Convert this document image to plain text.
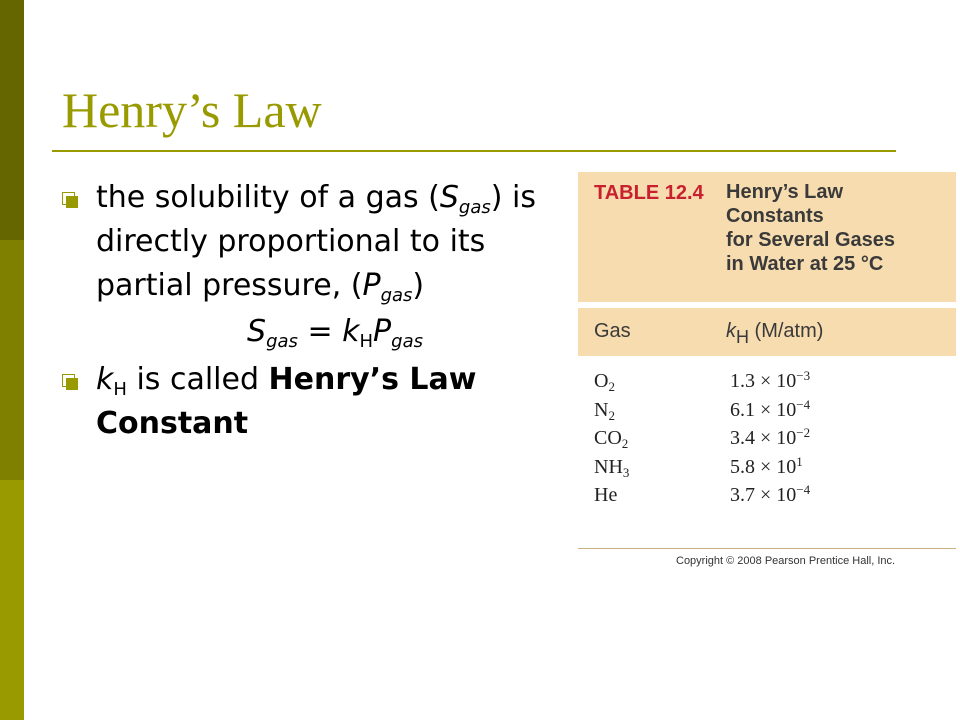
Henry’s Law
the solubility of a gas $(S_{gas})$ is directly proportional to its partial pressure, $(P_{gas})$
$S_{gas} = k_HP_{gas}$
$k_H$ is called Henry’s Law Constant
TABLE 12.4 Henry’s Law
Constants
for Several Gases
in Water at 25 °C
Gas	$k_H$ (M/atm)
$O_2$	$1.3 \times 10^{-3}$
$N_2$	$6.1 \times 10^{-4}$
$CO_2$	$3.4 \times 10^{-2}$
$NH_3$	$5.8 \times 10^1$
He	$3.7 \times 10^{-4}$
Copyright © 2008 Pearson Prentice Hall, Inc.
